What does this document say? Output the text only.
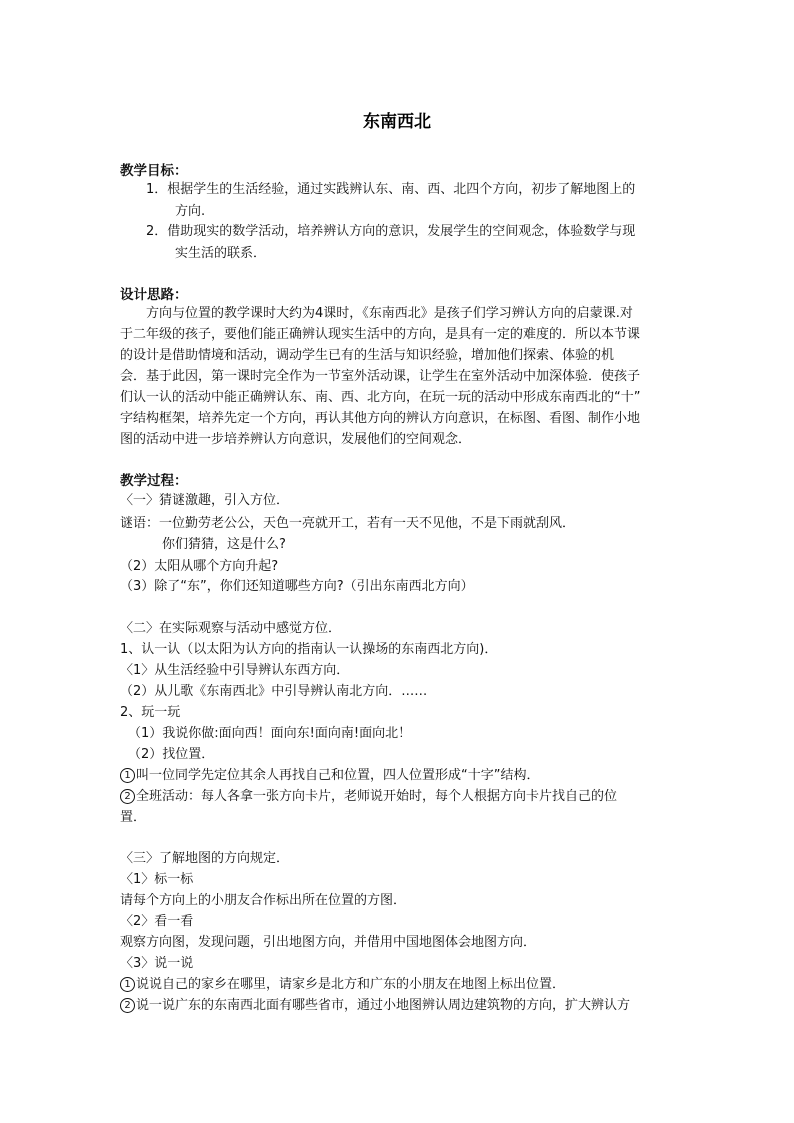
东南西北
教学目标：
1．根据学生的生活经验，通过实践辨认东、南、西、北四个方向，初步了解地图上的
方向.
2．借助现实的数学活动，培养辨认方向的意识，发展学生的空间观念，体验数学与现
实生活的联系．
设计思路：
　　方向与位置的教学课时大约为4课时，《东南西北》是孩子们学习辨认方向的启蒙课.对
于二年级的孩子，要他们能正确辨认现实生活中的方向，是具有一定的难度的．所以本节课
的设计是借助情境和活动，调动学生已有的生活与知识经验，增加他们探索、体验的机
会．基于此因，第一课时完全作为一节室外活动课，让学生在室外活动中加深体验．使孩子
们认一认的活动中能正确辨认东、南、西、北方向，在玩一玩的活动中形成东南西北的“十”
字结构框架，培养先定一个方向，再认其他方向的辨认方向意识，在标图、看图、制作小地
图的活动中进一步培养辨认方向意识，发展他们的空间观念．
教学过程：
〈一〉猜谜激趣，引入方位．
谜语：一位勤劳老公公，天色一亮就开工，若有一天不见他，不是下雨就刮风．
你们猜猜，这是什么?
（2）太阳从哪个方向升起?
（3）除了“东”，你们还知道哪些方向?（引出东南西北方向）
〈二〉在实际观察与活动中感觉方位．
1、认一认（以太阳为认方向的指南认一认操场的东南西北方向)．
〈1〉从生活经验中引导辨认东西方向．
（2）从儿歌《东南西北》中引导辨认南北方向．……
2、玩一玩
（1）我说你做:面向西！面向东!面向南!面向北！
（2）找位置．
1 叫一位同学先定位其余人再找自己和位置，四人位置形成“十字”结构．
2 全班活动：每人各拿一张方向卡片，老师说开始时，每个人根据方向卡片找自己的位
置．
〈三〉了解地图的方向规定．
〈1〉标一标
请每个方向上的小朋友合作标出所在位置的方图．
〈2〉看一看
观察方向图，发现问题，引出地图方向，并借用中国地图体会地图方向．
〈3〉说一说
1 说说自己的家乡在哪里，请家乡是北方和广东的小朋友在地图上标出位置．
2 说一说广东的东南西北面有哪些省市，通过小地图辨认周边建筑物的方向，扩大辨认方
